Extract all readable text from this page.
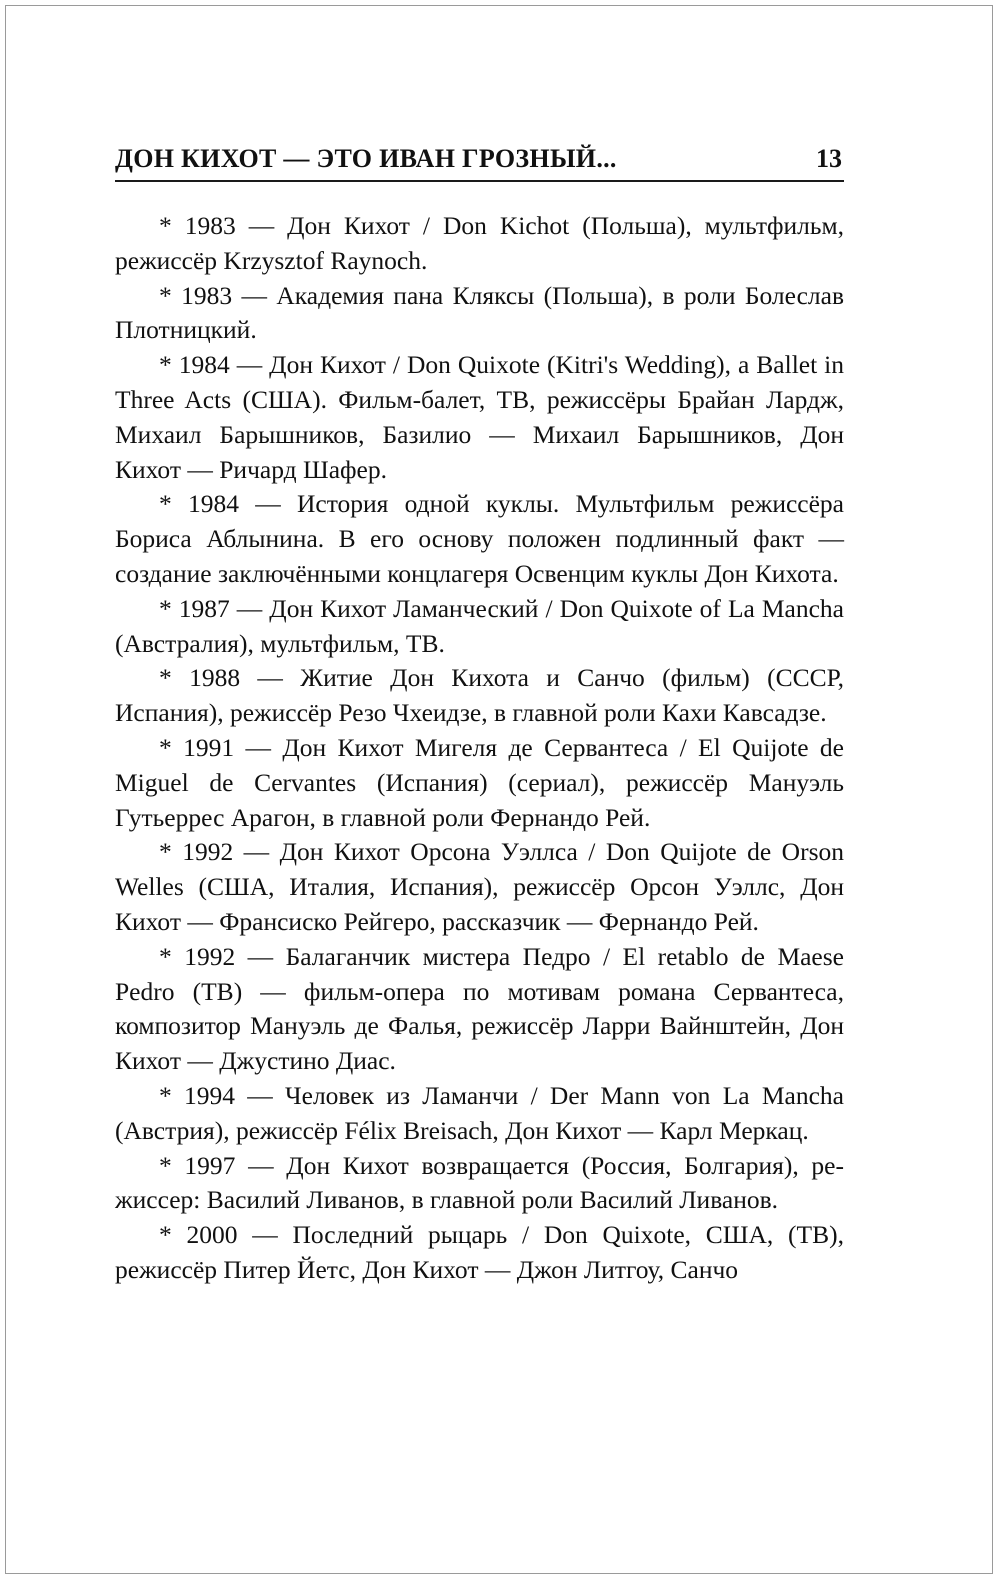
ДОН КИХОТ — ЭТО ИВАН ГРОЗНЫЙ...	13

* 1983 — Дон Кихот / Don Kichot (Польша), мультфильм, режиссёр Krzysztof Raynoch.

* 1983 — Академия пана Кляксы (Польша), в роли Болеслав Плотницкий.

* 1984 — Дон Кихот / Don Quixote (Kitri's Wedding), a Ballet in Three Acts (США). Фильм-балет, ТВ, режиссёры Брайан Лардж, Михаил Барышников, Базилио — Михаил Барышников, Дон Кихот — Ричард Шафер.

* 1984 — История одной куклы. Мультфильм режиссёра Бориса Аблынина. В его основу положен подлинный факт — создание заключёнными концлагеря Освенцим куклы Дон Кихота.

* 1987 — Дон Кихот Ламанческий / Don Quixote of La Mancha (Австралия), мультфильм, ТВ.

* 1988 — Житие Дон Кихота и Санчо (фильм) (СССР, Испания), режиссёр Резо Чхеидзе, в главной роли Кахи Кавсадзе.

* 1991 — Дон Кихот Мигеля де Сервантеса / El Quijote de Miguel de Cervantes (Испания) (сериал), режиссёр Мануэль Гутьеррес Арагон, в главной роли Фернандо Рей.

* 1992 — Дон Кихот Орсона Уэллса / Don Quijote de Orson Welles (США, Италия, Испания), режиссёр Орсон Уэллс, Дон Кихот — Франсиско Рейгеро, рассказчик — Фернандо Рей.

* 1992 — Балаганчик мистера Педро / El retablo de Maese Pedro (ТВ) — фильм-опера по мотивам романа Сервантеса, композитор Мануэль де Фалья, режиссёр Ларри Вайнштейн, Дон Кихот — Джустино Диас.

* 1994 — Человек из Ламанчи / Der Mann von La Mancha (Австрия), режиссёр Félix Breisach, Дон Кихот — Карл Меркац.

* 1997 — Дон Кихот возвращается (Россия, Болгария), режиссер: Василий Ливанов, в главной роли Василий Ливанов.

* 2000 — Последний рыцарь / Don Quixote, США, (ТВ), режиссёр Питер Йетс, Дон Кихот — Джон Литгоу, Санчо
